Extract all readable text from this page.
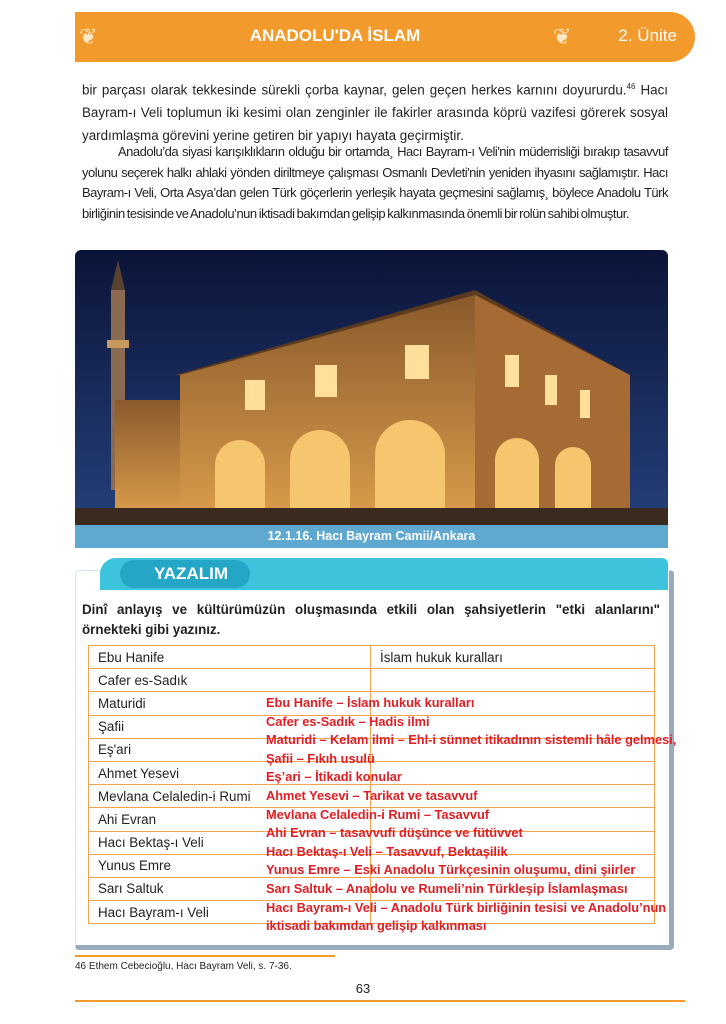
❦	ANADOLU'DA İSLAM	❦	2. Ünite
bir parçası olarak tekkesinde sürekli çorba kaynar, gelen geçen herkes karnını doyururdu.$^{46}$ Hacı Bayram-ı Veli toplumun iki kesimi olan zenginler ile fakirler arasında köprü vazifesi görerek sosyal yardımlaşma görevini yerine getiren bir yapıyı hayata geçirmiştir.
Anadolu’da siyasi karışıklıkların olduğu bir ortamda¸ Hacı Bayram-ı Veli'nin müderrisliği bırakıp tasavvuf yolunu seçerek halkı ahlaki yönden diriltmeye çalışması Osmanlı Devleti'nin yeniden ihyasını sağlamıştır. Hacı Bayram-ı Veli, Orta Asya’dan gelen Türk göçerlerin yerleşik hayata geçmesini sağlamış¸ böylece Anadolu Türk birliğinin tesisinde ve Anadolu’nun iktisadi bakımdan gelişip kalkınmasında önemli bir rolün sahibi olmuştur.
12.1.16. Hacı Bayram Camii/Ankara
YAZALIM
Dinî anlayış ve kültürümüzün oluşmasında etkili olan şahsiyetlerin "etki alanlarını" örnekteki gibi yazınız.
Ebu Hanife	İslam hukuk kuralları
Cafer es-Sadık	
Maturidi	
Şafii	
Eş'ari	
Ahmet Yesevi	
Mevlana Celaledin-i Rumi	
Ahi Evran	
Hacı Bektaş-ı Veli	
Yunus Emre	
Sarı Saltuk	
Hacı Bayram-ı Veli	
Ebu Hanife – İslam hukuk kuralları
Cafer es-Sadık – Hadis ilmi
Maturidi – Kelam ilmi – Ehl-i sünnet itikadının sistemli hâle gelmesi,
Şafii – Fıkıh usulü
Eş’ari – İtikadi konular
Ahmet Yesevi – Tarikat ve tasavvuf
Mevlana Celaledin-i Rumi – Tasavvuf
Ahi Evran – tasavvufi düşünce ve fütüvvet
Hacı Bektaş-ı Veli – Tasavvuf, Bektaşilik
Yunus Emre – Eski Anadolu Türkçesinin oluşumu, dini şiirler
Sarı Saltuk – Anadolu ve Rumeli’nin Türkleşip İslamlaşması
Hacı Bayram-ı Veli – Anadolu Türk birliğinin tesisi ve Anadolu’nun
iktisadi bakımdan gelişip kalkınması
46 Ethem Cebecioğlu, Hacı Bayram Veli, s. 7-36.
63
